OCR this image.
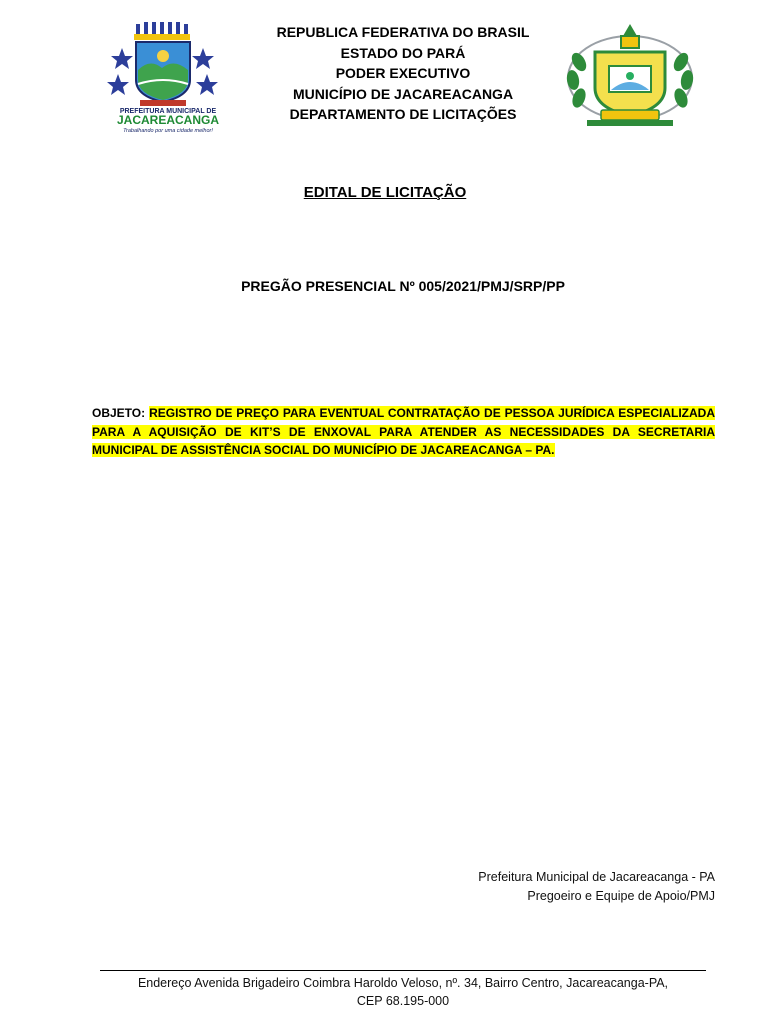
PREFEITURA MUNICIPAL DE
JACAREACANGA
Trabalhando por uma cidade melhor!
REPUBLICA FEDERATIVA DO BRASIL
ESTADO DO PARÁ
PODER EXECUTIVO
MUNICÍPIO DE JACAREACANGA
DEPARTAMENTO DE LICITAÇÕES
EDITAL DE LICITAÇÃO
PREGÃO PRESENCIAL Nº 005/2021/PMJ/SRP/PP
OBJETO: REGISTRO DE PREÇO PARA EVENTUAL CONTRATAÇÃO DE PESSOA JURÍDICA ESPECIALIZADA PARA A AQUISIÇÃO DE KIT’S DE ENXOVAL PARA ATENDER AS NECESSIDADES DA SECRETARIA MUNICIPAL DE ASSISTÊNCIA SOCIAL DO MUNICÍPIO DE JACAREACANGA – PA.
Prefeitura Municipal de Jacareacanga - PA
Pregoeiro e Equipe de Apoio/PMJ
Endereço Avenida Brigadeiro Coimbra Haroldo Veloso, nº. 34, Bairro Centro, Jacareacanga-PA,
CEP 68.195-000
